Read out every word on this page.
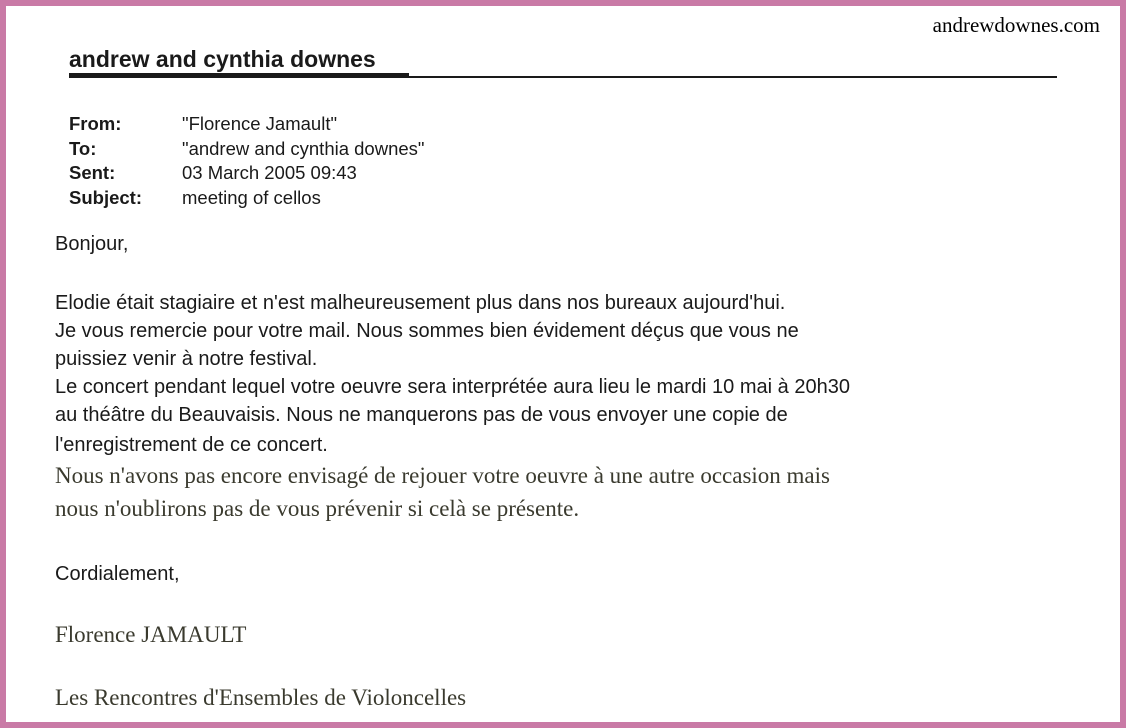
andrewdownes.com
andrew and cynthia downes
From:	"Florence Jamault"
To:	"andrew and cynthia downes"
Sent:	03 March 2005 09:43
Subject: meeting of cellos
Bonjour,
Elodie était stagiaire et n'est malheureusement plus dans nos bureaux aujourd'hui.
Je vous remercie pour votre mail. Nous sommes bien évidement déçus que vous ne
puissiez venir à notre festival.
Le concert pendant lequel votre oeuvre sera interprétée aura lieu le mardi 10 mai à 20h30
au théâtre du Beauvaisis. Nous ne manquerons pas de vous envoyer une copie de
l'enregistrement de ce concert.
Nous n'avons pas encore envisagé de rejouer votre oeuvre à une autre occasion mais
nous n'oublirons pas de vous prévenir si celà se présente.
Cordialement,
Florence JAMAULT
Les Rencontres d'Ensembles de Violoncelles
